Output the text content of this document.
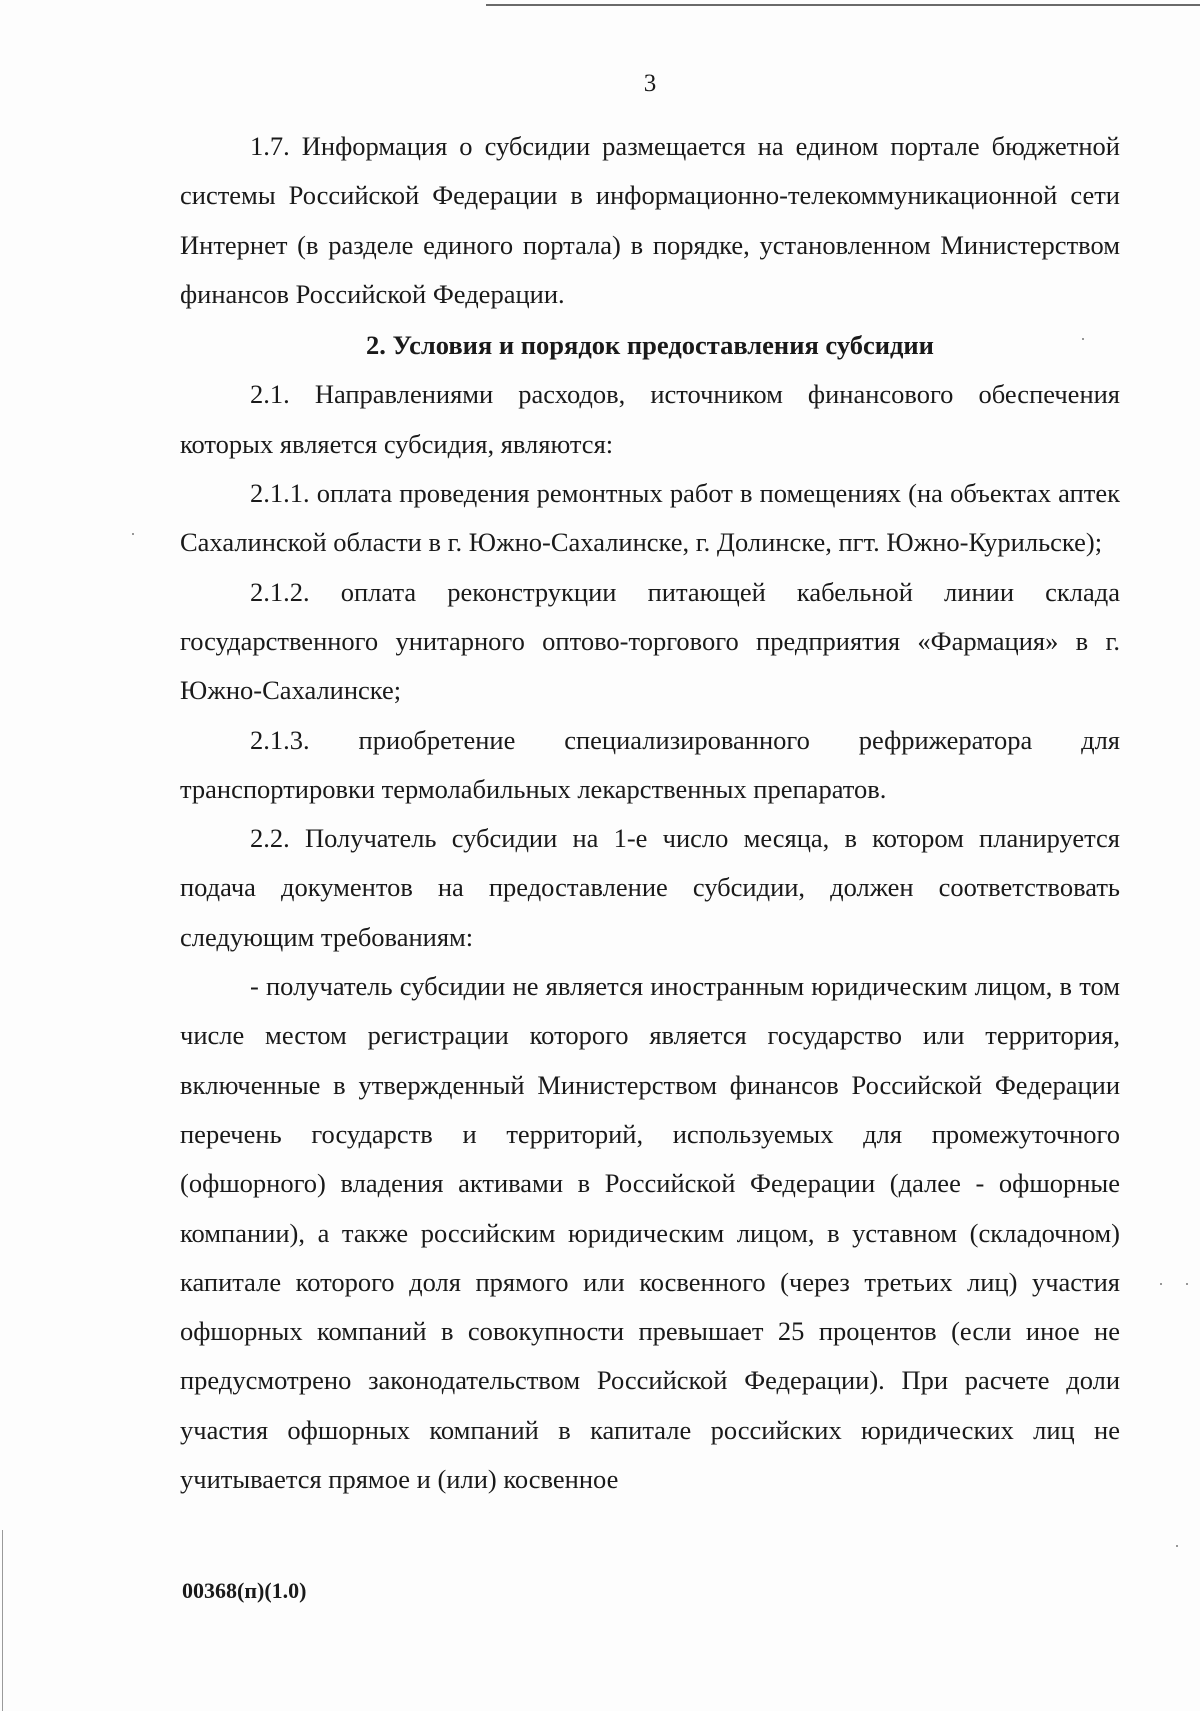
3

1.7. Информация о субсидии размещается на едином портале бюджетной системы Российской Федерации в информационно-телекоммуникационной сети Интернет (в разделе единого портала) в порядке, установленном Министерством финансов Российской Федерации.

2. Условия и порядок предоставления субсидии

2.1. Направлениями расходов, источником финансового обеспечения которых является субсидия, являются:

2.1.1. оплата проведения ремонтных работ в помещениях (на объектах аптек Сахалинской области в г. Южно-Сахалинске, г. Долинске, пгт. Южно-Курильске);

2.1.2. оплата реконструкции питающей кабельной линии склада государственного унитарного оптово-торгового предприятия «Фармация» в г. Южно-Сахалинске;

2.1.3. приобретение специализированного рефрижератора для транспортировки термолабильных лекарственных препаратов.

2.2. Получатель субсидии на 1-е число месяца, в котором планируется подача документов на предоставление субсидии, должен соответствовать следующим требованиям:

- получатель субсидии не является иностранным юридическим лицом, в том числе местом регистрации которого является государство или территория, включенные в утвержденный Министерством финансов Российской Федерации перечень государств и территорий, используемых для промежуточного (офшорного) владения активами в Российской Федерации (далее - офшорные компании), а также российским юридическим лицом, в уставном (складочном) капитале которого доля прямого или косвенного (через третьих лиц) участия офшорных компаний в совокупности превышает 25 процентов (если иное не предусмотрено законодательством Российской Федерации). При расчете доли участия офшорных компаний в капитале российских юридических лиц не учитывается прямое и (или) косвенное

00368(п)(1.0)
